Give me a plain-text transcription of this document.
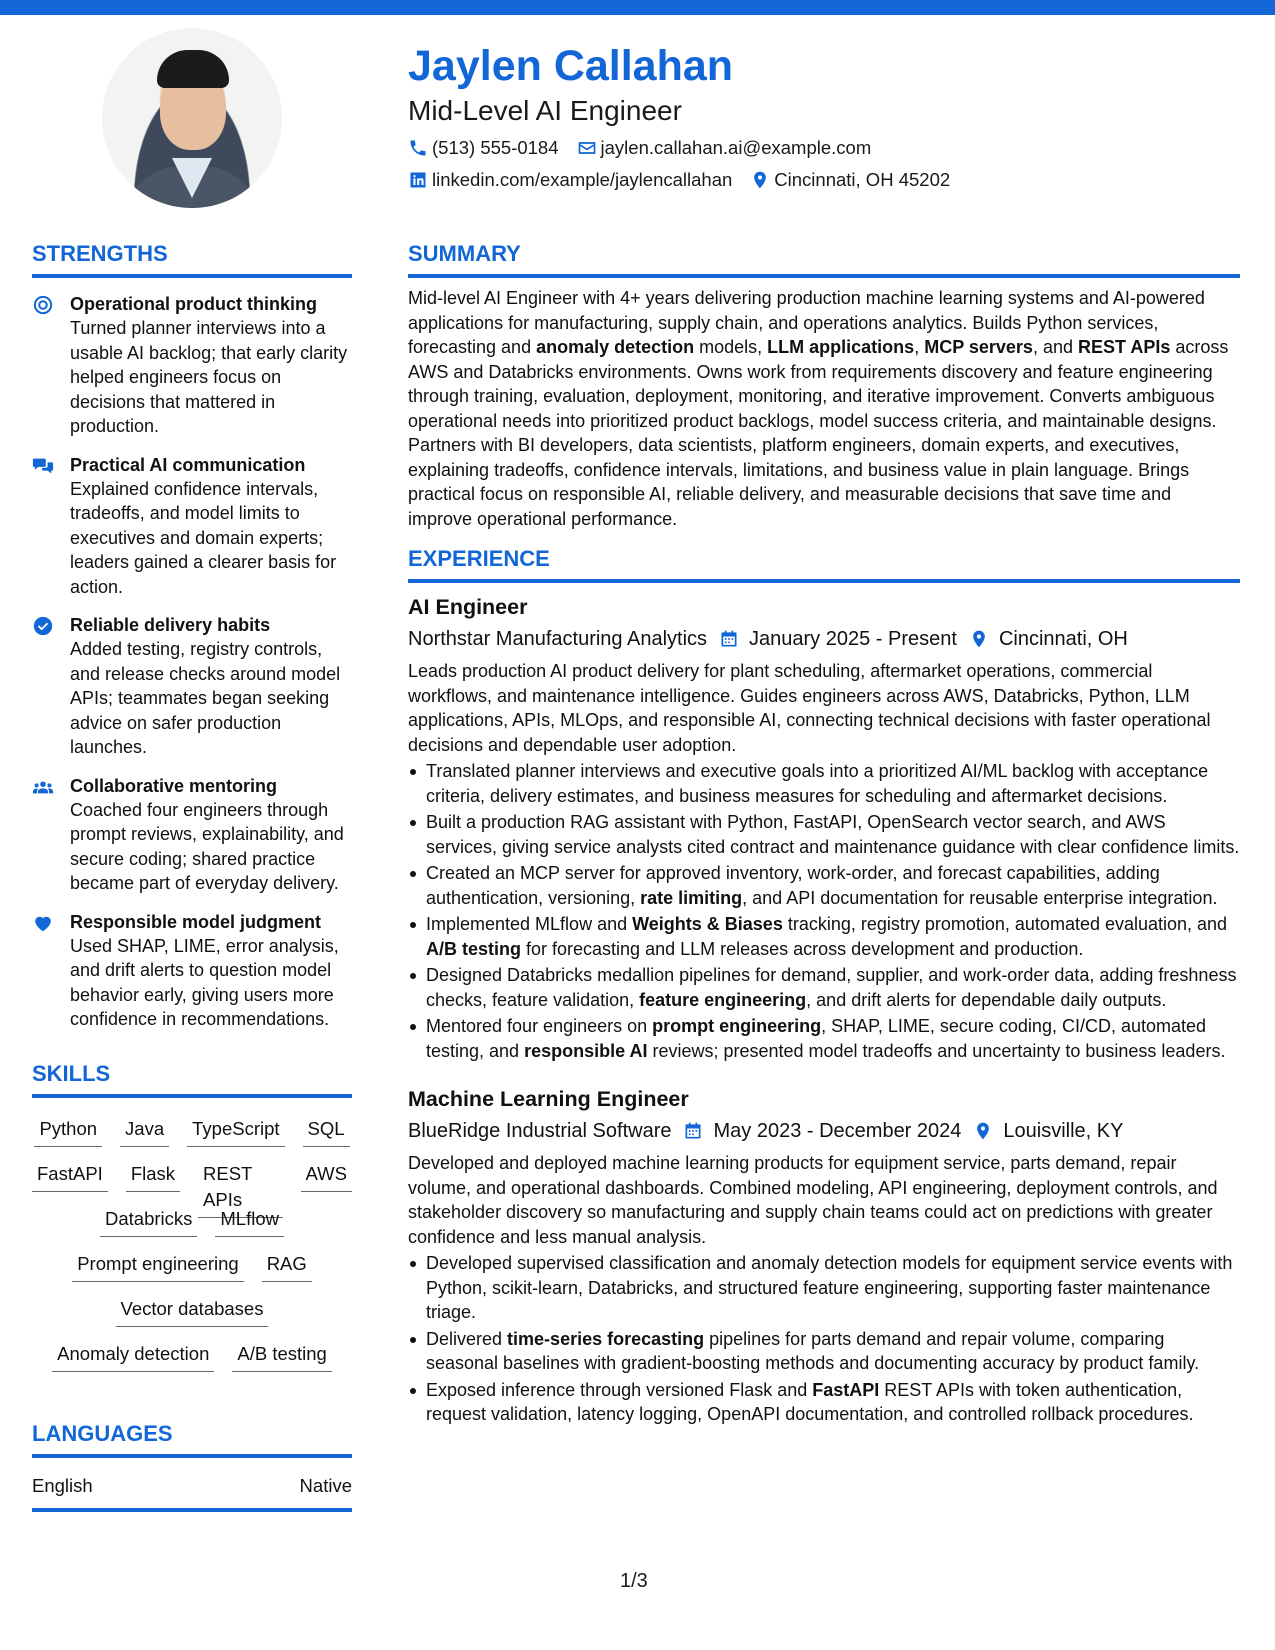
Jaylen Callahan
Mid-Level AI Engineer
(513) 555-0184 jaylen.callahan.ai@example.com
linkedin.com/example/jaylencallahan Cincinnati, OH 45202
STRENGTHS
Operational product thinking
Turned planner interviews into a usable AI backlog; that early clarity helped engineers focus on decisions that mattered in production.
Practical AI communication
Explained confidence intervals, tradeoffs, and model limits to executives and domain experts; leaders gained a clearer basis for action.
Reliable delivery habits
Added testing, registry controls, and release checks around model APIs; teammates began seeking advice on safer production launches.
Collaborative mentoring
Coached four engineers through prompt reviews, explainability, and secure coding; shared practice became part of everyday delivery.
Responsible model judgment
Used SHAP, LIME, error analysis, and drift alerts to question model behavior early, giving users more confidence in recommendations.
SKILLS
Python Java TypeScript SQL
FastAPI Flask REST APIs
AWS
Databricks MLflow
Prompt engineering RAG
Vector databases
Anomaly detection A/B testing
LANGUAGES
English	Native
SUMMARY
Mid-level AI Engineer with 4+ years delivering production machine learning systems and AI-powered applications for manufacturing, supply chain, and operations analytics. Builds Python services, forecasting and anomaly detection models, LLM applications, MCP servers, and REST APIs across AWS and Databricks environments. Owns work from requirements discovery and feature engineering through training, evaluation, deployment, monitoring, and iterative improvement. Converts ambiguous operational needs into prioritized product backlogs, model success criteria, and maintainable designs. Partners with BI developers, data scientists, platform engineers, domain experts, and executives, explaining tradeoffs, confidence intervals, limitations, and business value in plain language. Brings practical focus on responsible AI, reliable delivery, and measurable decisions that save time and improve operational performance.
EXPERIENCE
AI Engineer
Northstar Manufacturing Analytics January 2025 - Present Cincinnati, OH
Leads production AI product delivery for plant scheduling, aftermarket operations, commercial workflows, and maintenance intelligence. Guides engineers across AWS, Databricks, Python, LLM applications, APIs, MLOps, and responsible AI, connecting technical decisions with faster operational decisions and dependable user adoption.
Translated planner interviews and executive goals into a prioritized AI/ML backlog with acceptance criteria, delivery estimates, and business measures for scheduling and aftermarket decisions.
Built a production RAG assistant with Python, FastAPI, OpenSearch vector search, and AWS services, giving service analysts cited contract and maintenance guidance with clear confidence limits.
Created an MCP server for approved inventory, work-order, and forecast capabilities, adding authentication, versioning, rate limiting, and API documentation for reusable enterprise integration.
Implemented MLflow and Weights & Biases tracking, registry promotion, automated evaluation, and A/B testing for forecasting and LLM releases across development and production.
Designed Databricks medallion pipelines for demand, supplier, and work-order data, adding freshness checks, feature validation, feature engineering, and drift alerts for dependable daily outputs.
Mentored four engineers on prompt engineering, SHAP, LIME, secure coding, CI/CD, automated testing, and responsible AI reviews; presented model tradeoffs and uncertainty to business leaders.
Machine Learning Engineer
BlueRidge Industrial Software May 2023 - December 2024 Louisville, KY
Developed and deployed machine learning products for equipment service, parts demand, repair volume, and operational dashboards. Combined modeling, API engineering, deployment controls, and stakeholder discovery so manufacturing and supply chain teams could act on predictions with greater confidence and less manual analysis.
Developed supervised classification and anomaly detection models for equipment service events with Python, scikit-learn, Databricks, and structured feature engineering, supporting faster maintenance triage.
Delivered time-series forecasting pipelines for parts demand and repair volume, comparing seasonal baselines with gradient-boosting methods and documenting accuracy by product family.
Exposed inference through versioned Flask and FastAPI REST APIs with token authentication, request validation, latency logging, OpenAPI documentation, and controlled rollback procedures.
1/3
